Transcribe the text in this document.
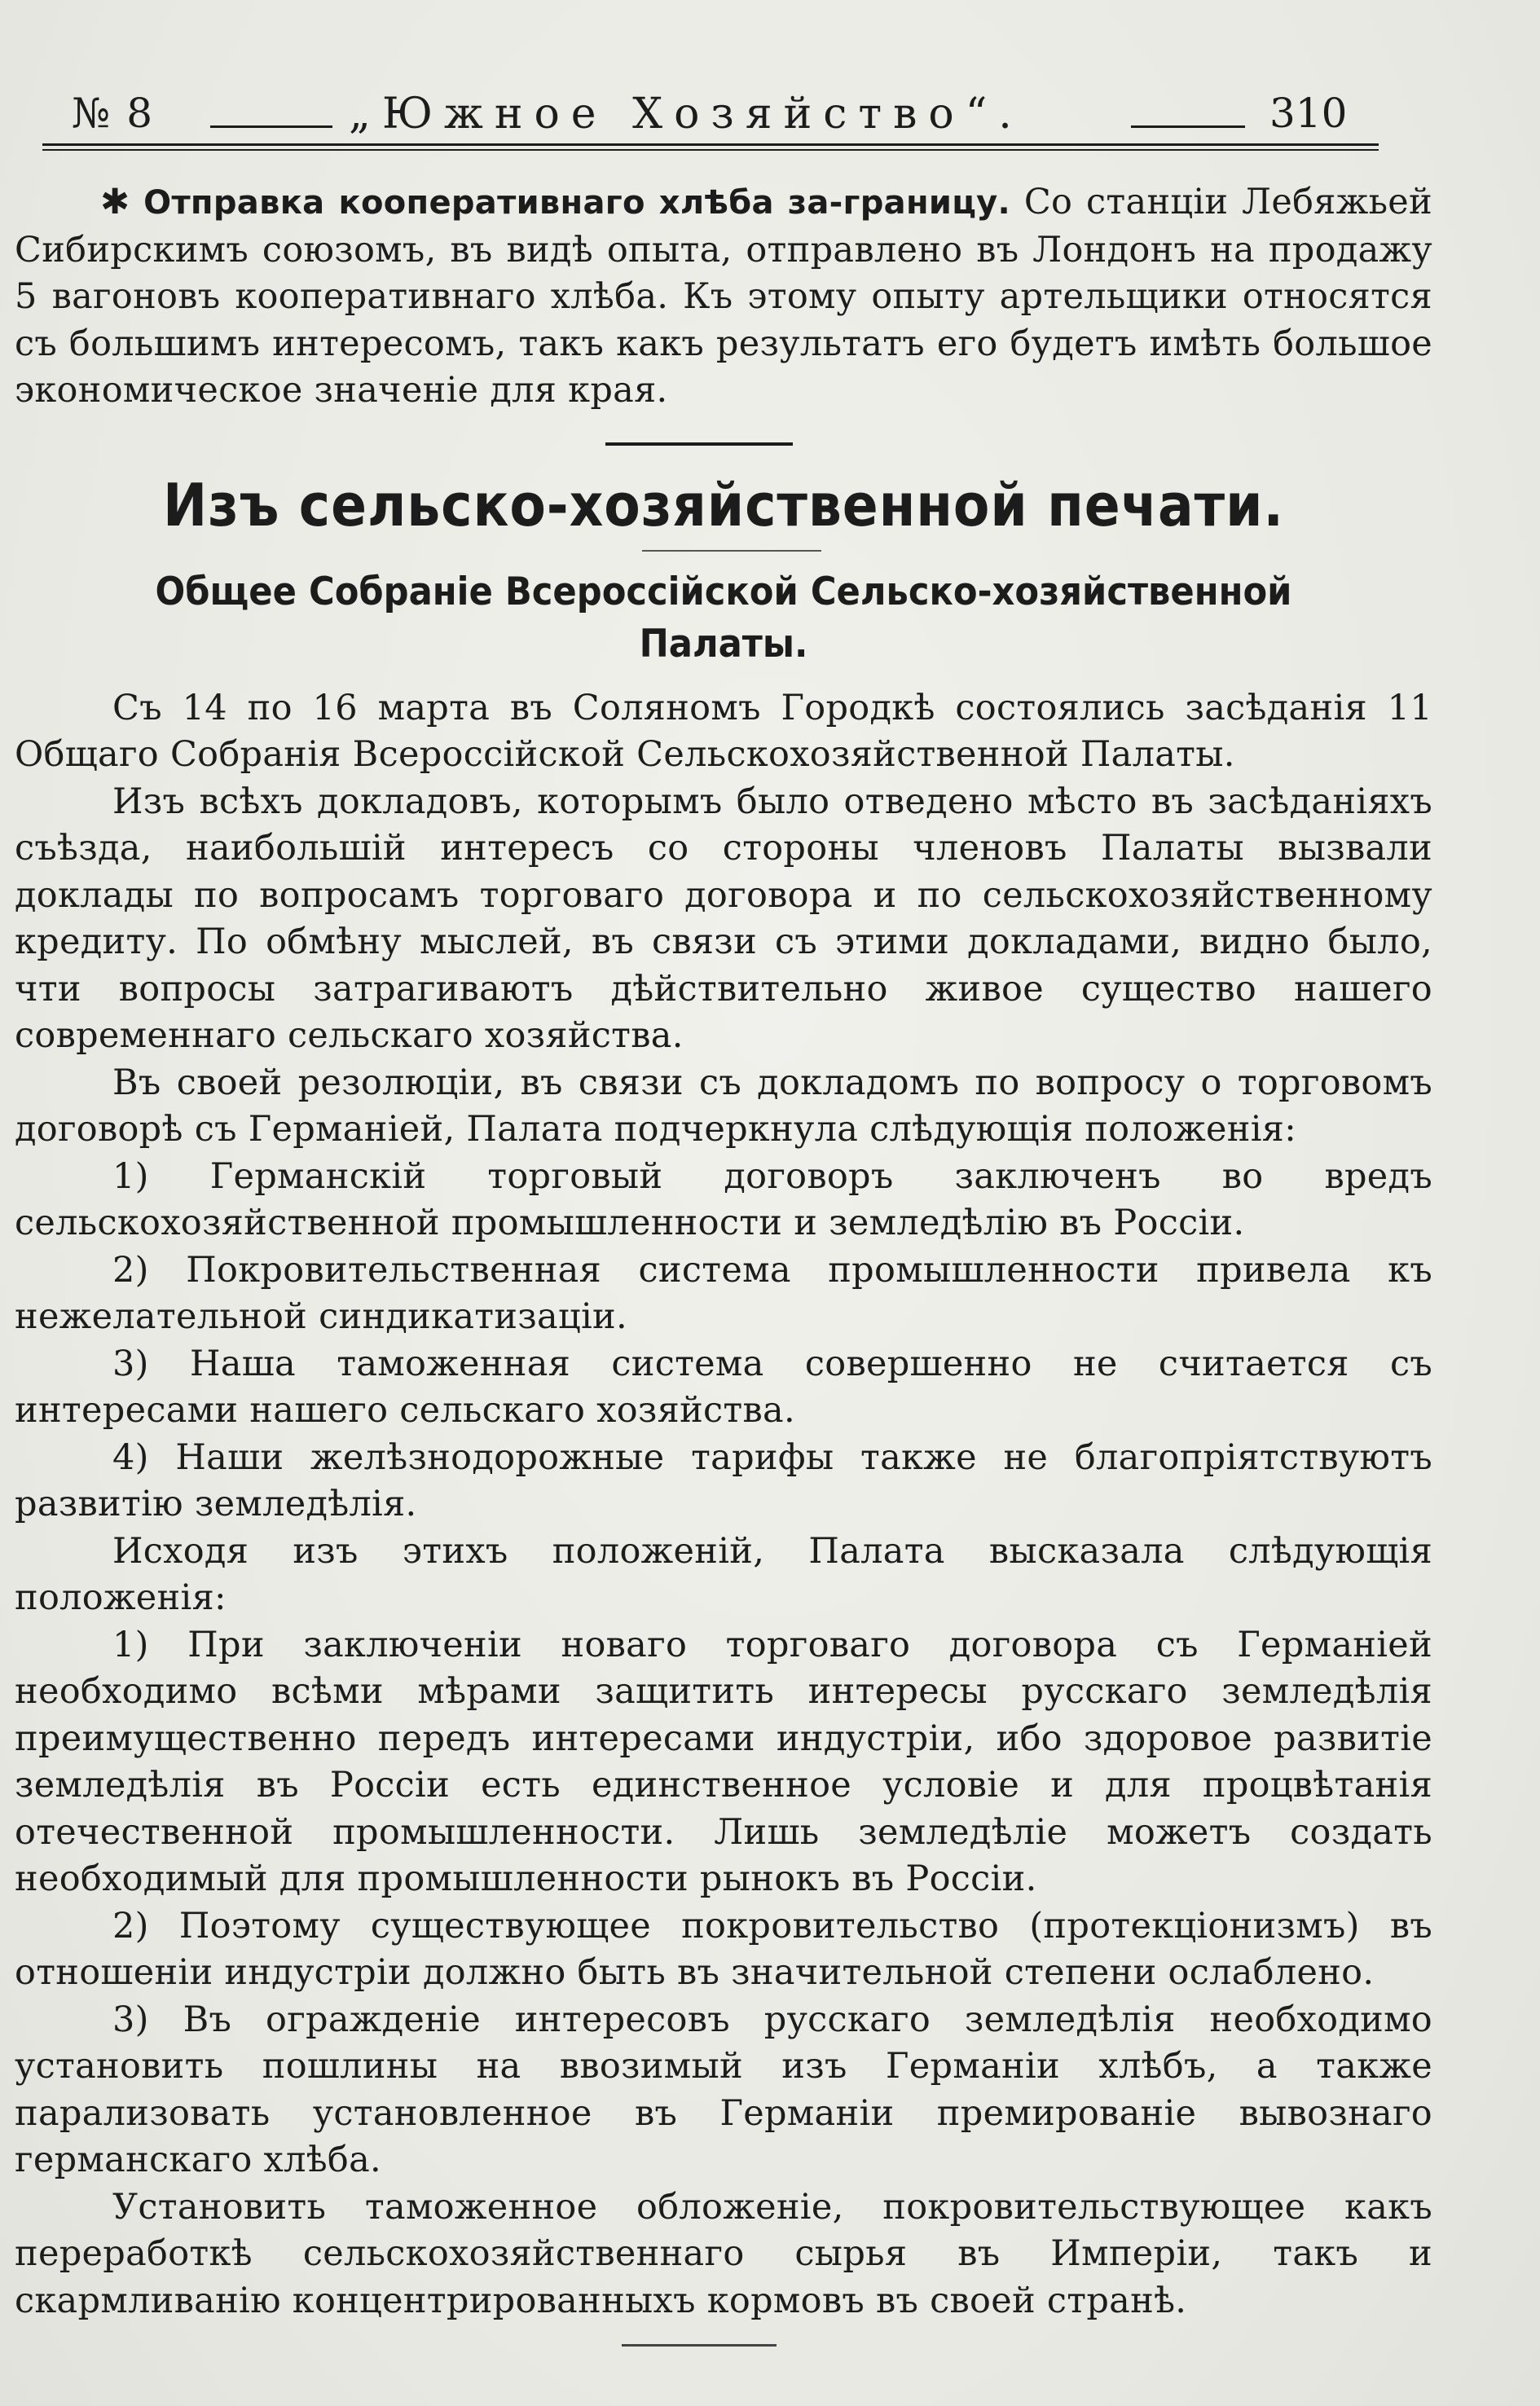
№ 8	„Южное Хозяйство“.	310

✱ Отправка кооперативнаго хлѣба за-границу. Со станціи Лебяжьей Сибирскимъ союзомъ, въ видѣ опыта, отправлено въ Лондонъ на продажу 5 вагоновъ кооперативнаго хлѣба. Къ этому опыту артельщики относятся съ большимъ интересомъ, такъ какъ результатъ его будетъ имѣть большое экономическое значеніе для края.

Изъ сельско-хозяйственной печати.
Общее Собраніе Всероссійской Сельско-хозяйственной Палаты.

Съ 14 по 16 марта въ Соляномъ Городкѣ состоялись засѣданія 11 Общаго Собранія Всероссійской Сельскохозяйственной Палаты.

Изъ всѣхъ докладовъ, которымъ было отведено мѣсто въ засѣданіяхъ съѣзда, наибольшій интересъ со стороны членовъ Палаты вызвали доклады по вопросамъ торговаго договора и по сельскохозяйственному кредиту. По обмѣну мыслей, въ связи съ этими докладами, видно было, чти вопросы затрагиваютъ дѣйствительно живое существо нашего современнаго сельскаго хозяйства.

Въ своей резолюціи, въ связи съ докладомъ по вопросу о торговомъ договорѣ съ Германіей, Палата подчеркнула слѣдующія положенія:

1) Германскій торговый договоръ заключенъ во вредъ сельскохозяйственной промышленности и земледѣлію въ Россіи.

2) Покровительственная система промышленности привела къ нежелательной синдикатизаціи.

3) Наша таможенная система совершенно не считается съ интересами нашего сельскаго хозяйства.

4) Наши желѣзнодорожные тарифы также не благопріятствуютъ развитію земледѣлія.

Исходя изъ этихъ положеній, Палата высказала слѣдующія положенія:

1) При заключеніи новаго торговаго договора съ Германіей необходимо всѣми мѣрами защитить интересы русскаго земледѣлія преимущественно передъ интересами индустріи, ибо здоровое развитіе земледѣлія въ Россіи есть единственное условіе и для процвѣтанія отечественной промышленности. Лишь земледѣліе можетъ создать необходимый для промышленности рынокъ въ Россіи.

2) Поэтому существующее покровительство (протекціонизмъ) въ отношеніи индустріи должно быть въ значительной степени ослаблено.

3) Въ огражденіе интересовъ русскаго земледѣлія необходимо установить пошлины на ввозимый изъ Германіи хлѣбъ, а также парализовать установленное въ Германіи премированіе вывознаго германскаго хлѣба.

Установить таможенное обложеніе, покровительствующее какъ переработкѣ сельскохозяйственнаго сырья въ Имперіи, такъ и скармливанію концентрированныхъ кормовъ въ своей странѣ.
